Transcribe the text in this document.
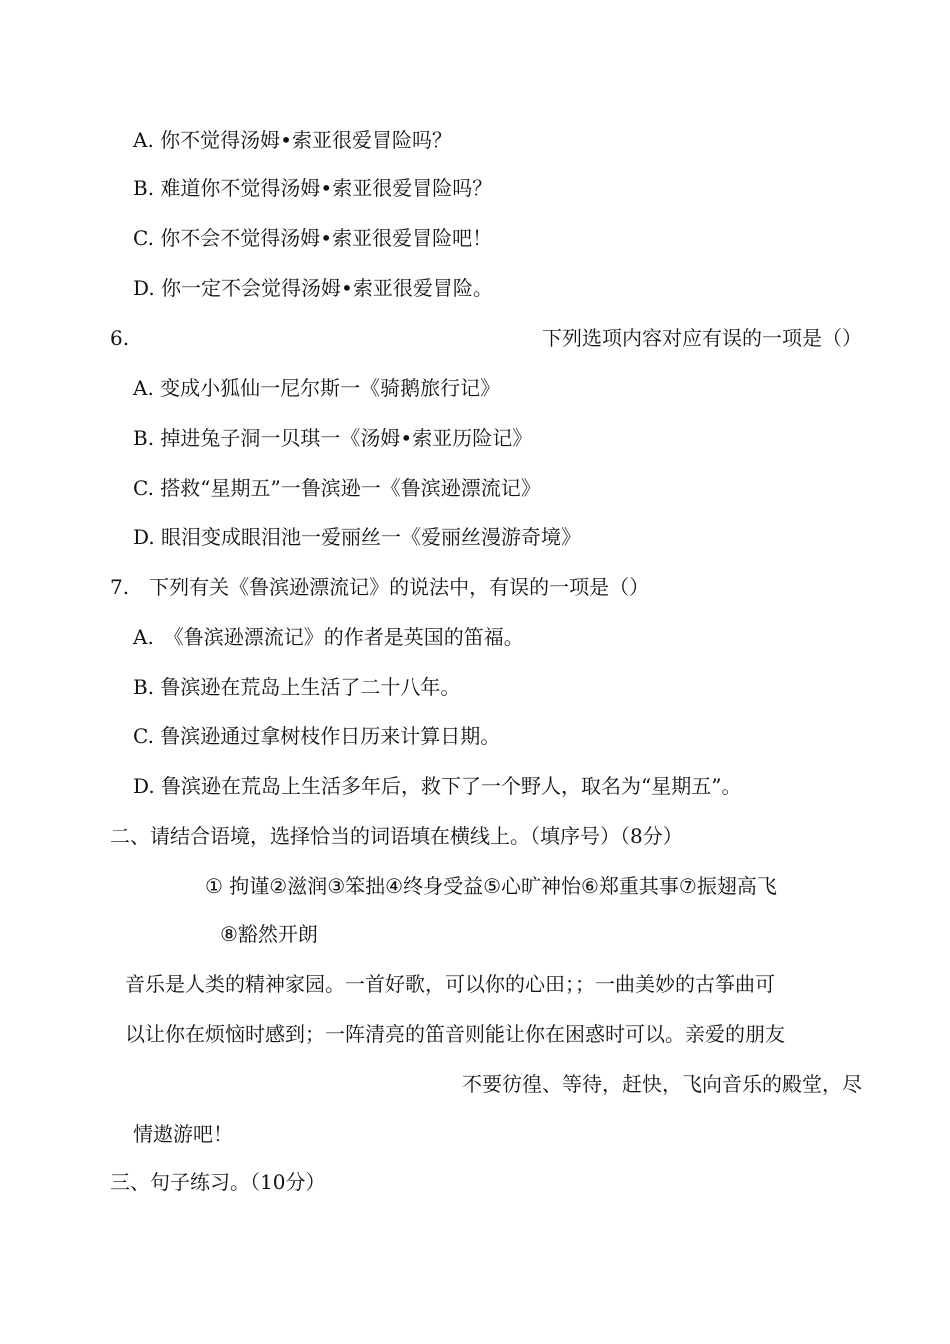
A. 你不觉得汤姆•索亚很爱冒险吗？
B. 难道你不觉得汤姆•索亚很爱冒险吗？
C. 你不会不觉得汤姆•索亚很爱冒险吧！
D. 你一定不会觉得汤姆•索亚很爱冒险。
6.	下列选项内容对应有误的一项是（）
A. 变成小狐仙一尼尔斯一《骑鹅旅行记》
B. 掉进兔子洞一贝琪一《汤姆•索亚历险记》
C. 搭救“星期五”一鲁滨逊一《鲁滨逊漂流记》
D. 眼泪变成眼泪池一爱丽丝一《爱丽丝漫游奇境》
7.　下列有关《鲁滨逊漂流记》的说法中，有误的一项是（）
A.　《鲁滨逊漂流记》的作者是英国的笛福。
B. 鲁滨逊在荒岛上生活了二十八年。
C. 鲁滨逊通过拿树枝作日历来计算日期。
D. 鲁滨逊在荒岛上生活多年后，救下了一个野人，取名为“星期五”。
二、请结合语境，选择恰当的词语填在横线上。（填序号）（8分）
① 拘谨②滋润③笨拙④终身受益⑤心旷神怡⑥郑重其事⑦振翅高飞
⑧豁然开朗
音乐是人类的精神家园。一首好歌，可以你的心田；；一曲美妙的古筝曲可
以让你在烦恼时感到；一阵清亮的笛音则能让你在困惑时可以。亲爱的朋友
不要彷徨、等待，赶快，飞向音乐的殿堂，尽
情遨游吧！
三、句子练习。（10分）
